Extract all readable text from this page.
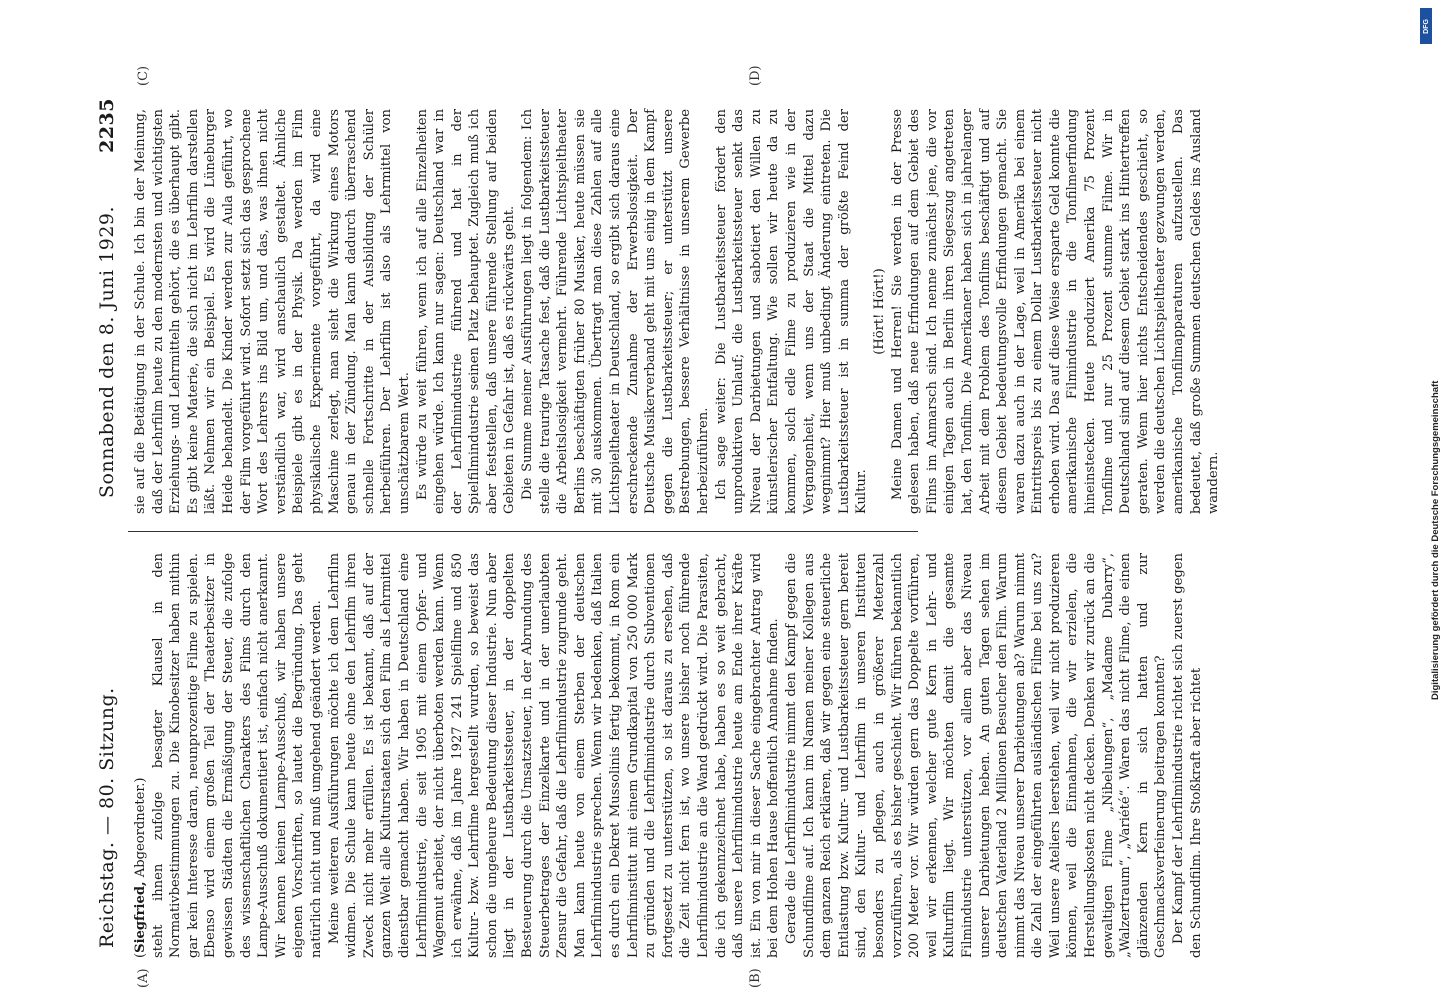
Reichstag. — 80. Sitzung.
Sonnabend den 8. Juni 1929.
2235

(Siegfried, Abgeordneter.) steht ihnen zufolge besagter Klausel in den Normativbestimmungen zu. Die Kinobesitzer haben mithin gar kein Interesse daran, neunprozentige Filme zu spielen. Ebenso wird einem großen Teil der Theaterbesitzer in gewissen Städten die Ermäßigung der Steuer, die zufolge des wissenschaftlichen Charakters des Films durch den Lampe-Ausschuß dokumentiert ist, einfach nicht anerkannt. Wir kennen keinen Lampe-Ausschuß, wir haben unsere eigenen Vorschriften, so lautet die Begründung. Das geht natürlich nicht und muß umgehend geändert werden. Meine weiteren Ausführungen möchte ich dem Lehrfilm widmen. Die Schule kann heute ohne den Lehrfilm ihren Zweck nicht mehr erfüllen. Es ist bekannt, daß auf der ganzen Welt alle Kulturstaaten sich den Film als Lehrmittel dienstbar gemacht haben. Wir haben in Deutschland eine Lehrfilmindustrie, die seit 1905 mit einem Opfer- und Wagemut arbeitet, der nicht überboten werden kann. Wenn ich erwähne, daß im Jahre 1927 241 Spielfilme und 850 Kultur- bzw. Lehrfilme hergestellt wurden, so beweist das schon die ungeheure Bedeutung dieser Industrie. Nun aber liegt in der Lustbarkeitssteuer, in der doppelten Besteuerung durch die Umsatzsteuer, in der Abrundung des Steuerbetrages der Einzelkarte und in der unerlaubten Zensur die Gefahr, daß die Lehrfilmindustrie zugrunde geht. Man kann heute von einem Sterben der deutschen Lehrfilmindustrie sprechen. Wenn wir bedenken, daß Italien es durch ein Dekret Mussolinis fertig bekommt, in Rom ein Lehrfilminstitut mit einem Grundkapital von 250 000 Mark zu gründen und die Lehrfilmindustrie durch Subventionen fortgesetzt zu unterstützen, so ist daraus zu ersehen, daß die Zeit nicht fern ist, wo unsere bisher noch führende Lehrfilmindustrie an die Wand gedrückt wird. Die Parasiten, die ich gekennzeichnet habe, haben es so weit gebracht, daß unsere Lehrfilmindustrie heute am Ende ihrer Kräfte ist. Ein von mir in dieser Sache eingebrachter Antrag wird bei dem Hohen Hause hoffentlich Annahme finden. Gerade die Lehrfilmindustrie nimmt den Kampf gegen die Schundfilme auf. Ich kann im Namen meiner Kollegen aus dem ganzen Reich erklären, daß wir gegen eine steuerliche Entlastung bzw. Kultur- und Lustbarkeitssteuer gern bereit sind, den Kultur- und Lehrfilm in unseren Instituten besonders zu pflegen, auch in größerer Meterzahl vorzuführen, als es bisher geschieht. Wir führen bekanntlich 200 Meter vor. Wir würden gern das Doppelte vorführen, weil wir erkennen, welcher gute Kern in Lehr- und Kulturfilm liegt. Wir möchten damit die gesamte Filmindustrie unterstützen, vor allem aber das Niveau unserer Darbietungen heben. An guten Tagen sehen im deutschen Vaterland 2 Millionen Besucher den Film. Warum nimmt das Niveau unserer Darbietungen ab? Warum nimmt die Zahl der eingeführten ausländischen Filme bei uns zu? Weil unsere Ateliers leerstehen, weil wir nicht produzieren können, weil die Einnahmen, die wir erzielen, die Herstellungskosten nicht decken. Denken wir zurück an die gewaltigen Filme „Nibelungen“, „Madame Dubarry“, „Walzertraum“, „Variété“. Waren das nicht Filme, die einen glänzenden Kern in sich hatten und zur Geschmacksverfeinerung beitragen konnten? Der Kampf der Lehrfilmindustrie richtet sich zuerst gegen den Schundfilm. Ihre Stoßkraft aber richtet

sie auf die Betätigung in der Schule. Ich bin der Meinung, daß der Lehrfilm heute zu den modernsten und wichtigsten Erziehungs- und Lehrmitteln gehört, die es überhaupt gibt. Es gibt keine Materie, die sich nicht im Lehrfilm darstellen läßt. Nehmen wir ein Beispiel. Es wird die Lüneburger Heide behandelt. Die Kinder werden zur Aula geführt, wo der Film vorgeführt wird. Sofort setzt sich das gesprochene Wort des Lehrers ins Bild um, und das, was ihnen nicht verständlich war, wird anschaulich gestaltet. Ähnliche Beispiele gibt es in der Physik. Da werden im Film physikalische Experimente vorgeführt, da wird eine Maschine zerlegt, man sieht die Wirkung eines Motors genau in der Zündung. Man kann dadurch überraschend schnelle Fortschritte in der Ausbildung der Schüler herbeiführen. Der Lehrfilm ist also als Lehrmittel von unschätzbarem Wert. Es würde zu weit führen, wenn ich auf alle Einzelheiten eingehen würde. Ich kann nur sagen: Deutschland war in der Lehrfilmindustrie führend und hat in der Spielfilmindustrie seinen Platz behauptet. Zugleich muß ich aber feststellen, daß unsere führende Stellung auf beiden Gebieten in Gefahr ist, daß es rückwärts geht. Die Summe meiner Ausführungen liegt in folgendem: Ich stelle die traurige Tatsache fest, daß die Lustbarkeitssteuer die Arbeitslosigkeit vermehrt. Führende Lichtspieltheater Berlins beschäftigten früher 80 Musiker, heute müssen sie mit 30 auskommen. Übertragt man diese Zahlen auf alle Lichtspieltheater in Deutschland, so ergibt sich daraus eine erschreckende Zunahme der Erwerbslosigkeit. Der Deutsche Musikerverband geht mit uns einig in dem Kampf gegen die Lustbarkeitssteuer; er unterstützt unsere Bestrebungen, bessere Verhältnisse in unserem Gewerbe herbeizuführen. Ich sage weiter: Die Lustbarkeitssteuer fördert den unproduktiven Umlauf; die Lustbarkeitssteuer senkt das Niveau der Darbietungen und sabotiert den Willen zu künstlerischer Entfaltung. Wie sollen wir heute da zu kommen, solch edle Filme zu produzieren wie in der Vergangenheit, wenn uns der Staat die Mittel dazu wegnimmt? Hier muß unbedingt Änderung eintreten. Die Lustbarkeitssteuer ist in summa der größte Feind der Kultur.

(Hört! Hört!) Meine Damen und Herren! Sie werden in der Presse gelesen haben, daß neue Erfindungen auf dem Gebiet des Films im Anmarsch sind. Ich nenne zunächst jene, die vor einigen Tagen auch in Berlin ihren Siegeszug angetreten hat, den Tonfilm. Die Amerikaner haben sich in jahrelanger Arbeit mit dem Problem des Tonfilms beschäftigt und auf diesem Gebiet bedeutungsvolle Erfindungen gemacht. Sie waren dazu auch in der Lage, weil in Amerika bei einem Eintrittspreis bis zu einem Dollar Lustbarkeitssteuer nicht erhoben wird. Das auf diese Weise ersparte Geld konnte die amerikanische Filmindustrie in die Tonfilmerfindung hineinstecken. Heute produziert Amerika 75 Prozent Tonfilme und nur 25 Prozent stumme Filme. Wir in Deutschland sind auf diesem Gebiet stark ins Hintertreffen geraten. Wenn hier nichts Entscheidendes geschieht, so werden die deutschen Lichtspieltheater gezwungen werden, amerikanische Tonfilmapparaturen aufzustellen. Das bedeutet, daß große Summen deutschen Geldes ins Ausland wandern.

(A)	(B)
(C)	(D)
DFG
Digitalisierung gefördert durch die Deutsche Forschungsgemeinschaft
